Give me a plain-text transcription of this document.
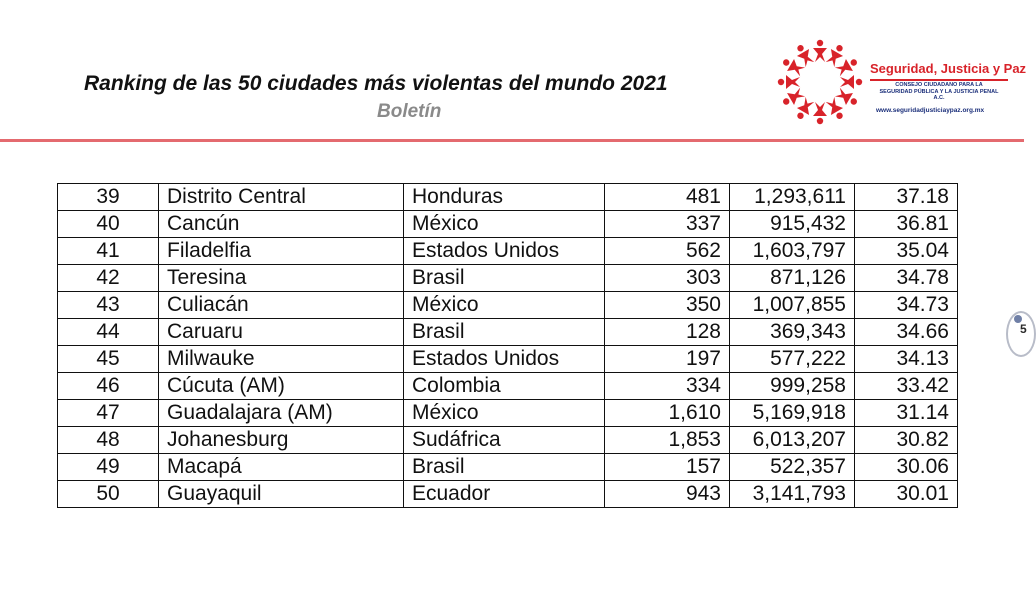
Ranking de las 50 ciudades más violentas del mundo 2021
Boletín
Seguridad, Justicia y Paz
CONSEJO CIUDADANO PARA LA
SEGURIDAD PÚBLICA Y LA JUSTICIA PENAL A.C.
www.seguridadjusticiaypaz.org.mx
5
39	Distrito Central	Honduras	481	1,293,611	37.18
40	Cancún	México	337	915,432	36.81
41	Filadelfia	Estados Unidos	562	1,603,797	35.04
42	Teresina	Brasil	303	871,126	34.78
43	Culiacán	México	350	1,007,855	34.73
44	Caruaru	Brasil	128	369,343	34.66
45	Milwauke	Estados Unidos	197	577,222	34.13
46	Cúcuta (AM)	Colombia	334	999,258	33.42
47	Guadalajara (AM)	México	1,610	5,169,918	31.14
48	Johanesburg	Sudáfrica	1,853	6,013,207	30.82
49	Macapá	Brasil	157	522,357	30.06
50	Guayaquil	Ecuador	943	3,141,793	30.01
